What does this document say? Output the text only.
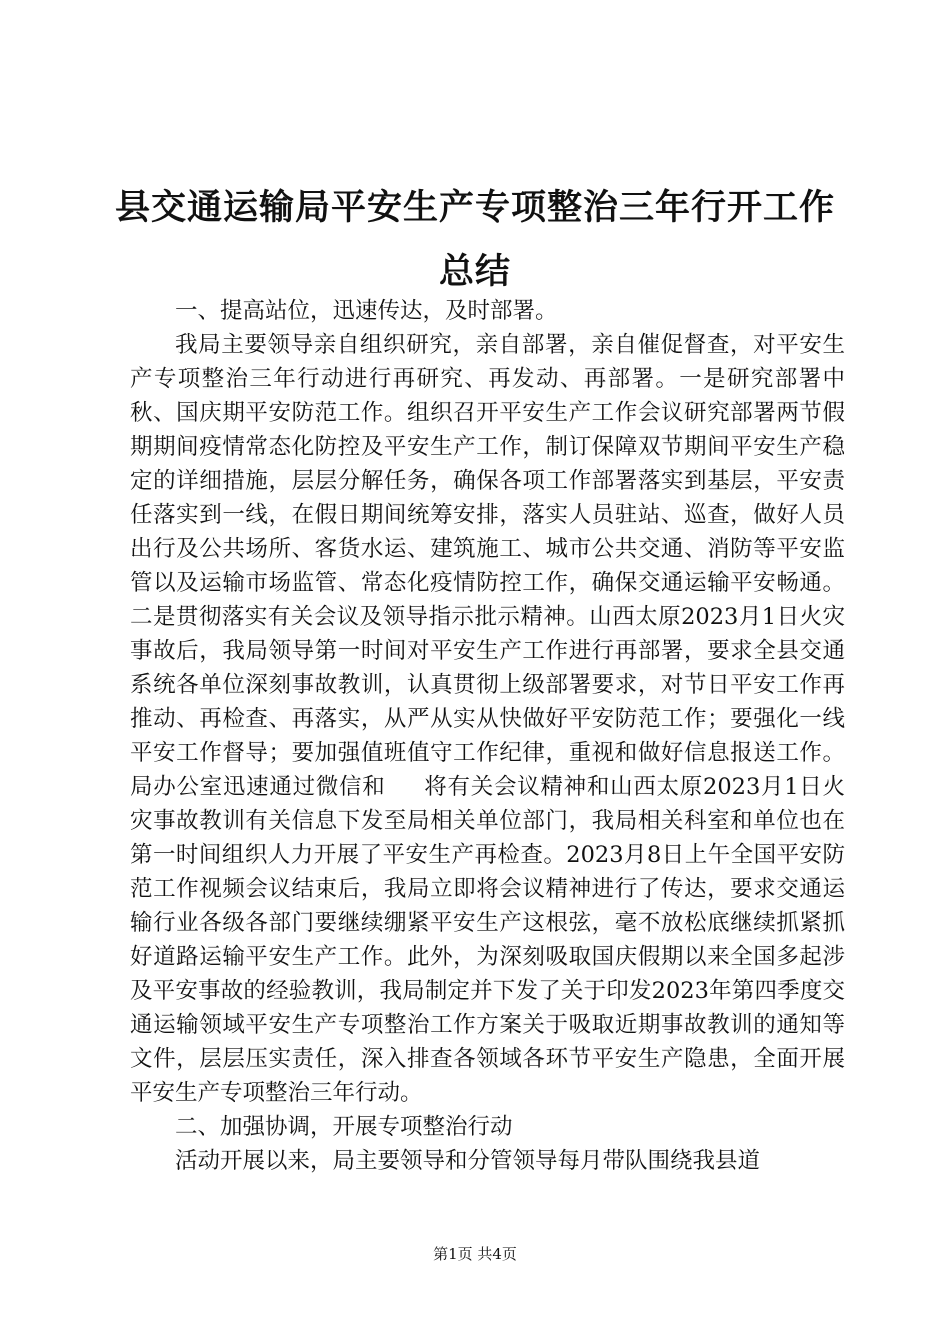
县交通运输局平安生产专项整治三年行开工作
总结

一、提高站位，迅速传达，及时部署。

我局主要领导亲自组织研究，亲自部署，亲自催促督查，对平安生产专项整治三年行动进行再研究、再发动、再部署。一是研究部署中秋、国庆期平安防范工作。组织召开平安生产工作会议研究部署两节假期期间疫情常态化防控及平安生产工作，制订保障双节期间平安生产稳定的详细措施，层层分解任务，确保各项工作部署落实到基层，平安责任落实到一线，在假日期间统筹安排，落实人员驻站、巡查，做好人员出行及公共场所、客货水运、建筑施工、城市公共交通、消防等平安监管以及运输市场监管、常态化疫情防控工作，确保交通运输平安畅通。二是贯彻落实有关会议及领导指示批示精神。山西太原2023月1日火灾事故后，我局领导第一时间对平安生产工作进行再部署，要求全县交通系统各单位深刻事故教训，认真贯彻上级部署要求，对节日平安工作再推动、再检查、再落实，从严从实从快做好平安防范工作；要强化一线平安工作督导；要加强值班值守工作纪律，重视和做好信息报送工作。局办公室迅速通过微信和 将有关会议精神和山西太原2023月1日火灾事故教训有关信息下发至局相关单位部门，我局相关科室和单位也在第一时间组织人力开展了平安生产再检查。2023月8日上午全国平安防范工作视频会议结束后，我局立即将会议精神进行了传达，要求交通运输行业各级各部门要继续绷紧平安生产这根弦，毫不放松底继续抓紧抓好道路运输平安生产工作。此外，为深刻吸取国庆假期以来全国多起涉及平安事故的经验教训，我局制定并下发了关于印发2023年第四季度交通运输领域平安生产专项整治工作方案关于吸取近期事故教训的通知等文件，层层压实责任，深入排查各领域各环节平安生产隐患，全面开展平安生产专项整治三年行动。

二、加强协调，开展专项整治行动

活动开展以来，局主要领导和分管领导每月带队围绕我县道

第1页 共4页
